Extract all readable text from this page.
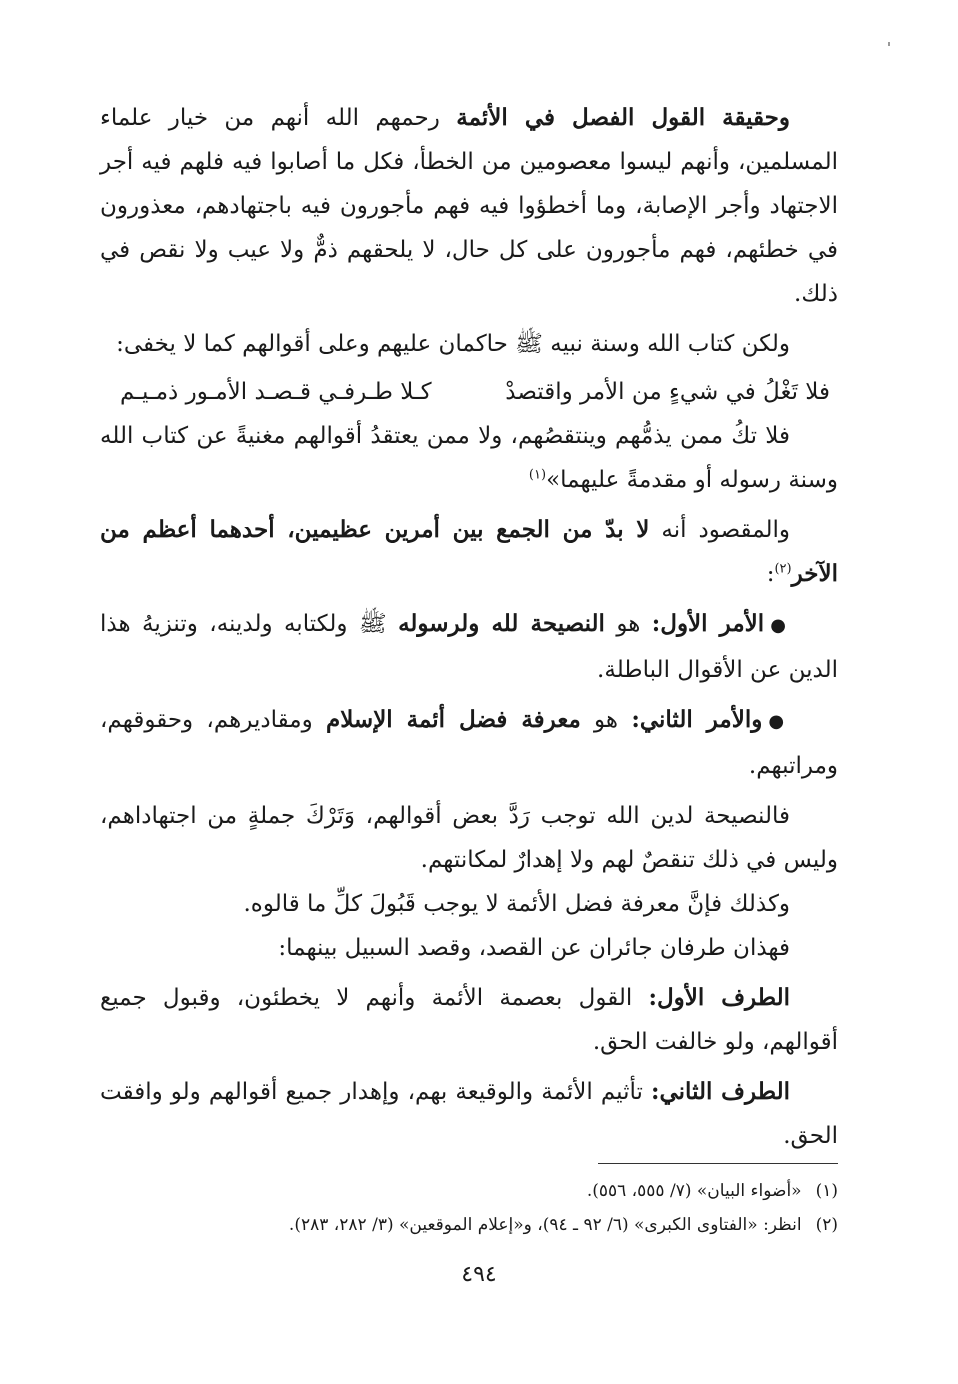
وحقيقة القول الفصل في الأئمة رحمهم الله أنهم من خيار علماء المسلمين، وأنهم ليسوا معصومين من الخطأ، فكل ما أصابوا فيه فلهم فيه أجر الاجتهاد وأجر الإصابة، وما أخطؤوا فيه فهم مأجورون فيه باجتهادهم، معذورون في خطئهم، فهم مأجورون على كل حال، لا يلحقهم ذمٌّ ولا عيب ولا نقص في ذلك.

ولكن كتاب الله وسنة نبيه ﷺ حاكمان عليهم وعلى أقوالهم كما لا يخفى:

فلا تَغْلُ في شيءٍ من الأمر واقتصدْ
كـلا طـرفـي قـصـد الأمـور ذمـيـم

فلا تكُ ممن يذمُّهم وينتقصُهم، ولا ممن يعتقدُ أقوالهم مغنيةً عن كتاب الله وسنة رسوله أو مقدمةً عليهما»$^{(١)}$

والمقصود أنه لا بدّ من الجمع بين أمرين عظيمين، أحدهما أعظم من الآخر$^{(٢)}$:

●الأمر الأول: هو النصيحة لله ولرسوله ﷺ ولكتابه ولدينه، وتنزيهُ هذا الدين عن الأقوال الباطلة.

●والأمر الثاني: هو معرفة فضل أئمة الإسلام ومقاديرهم، وحقوقهم، ومراتبهم.

فالنصيحة لدين الله توجب رَدَّ بعض أقوالهم، وَتَرْكَ جملةٍ من اجتهاداهم، وليس في ذلك تنقصٌ لهم ولا إهدارٌ لمكانتهم.

وكذلك فإنَّ معرفة فضل الأئمة لا يوجب قَبُولَ كلِّ ما قالوه.

فهذان طرفان جائران عن القصد، وقصد السبيل بينهما:

الطرف الأول: القول بعصمة الأئمة وأنهم لا يخطئون، وقبول جميع أقوالهم، ولو خالفت الحق.

الطرف الثاني: تأثيم الأئمة والوقيعة بهم، وإهدار جميع أقوالهم ولو وافقت الحق.

(١)«أضواء البيان» (٧/ ٥٥٥، ٥٥٦).
(٢)انظر: «الفتاوى الكبرى» (٦/ ٩٢ ـ ٩٤)، و«إعلام الموقعين» (٣/ ٢٨٢، ٢٨٣).
٤٩٤
